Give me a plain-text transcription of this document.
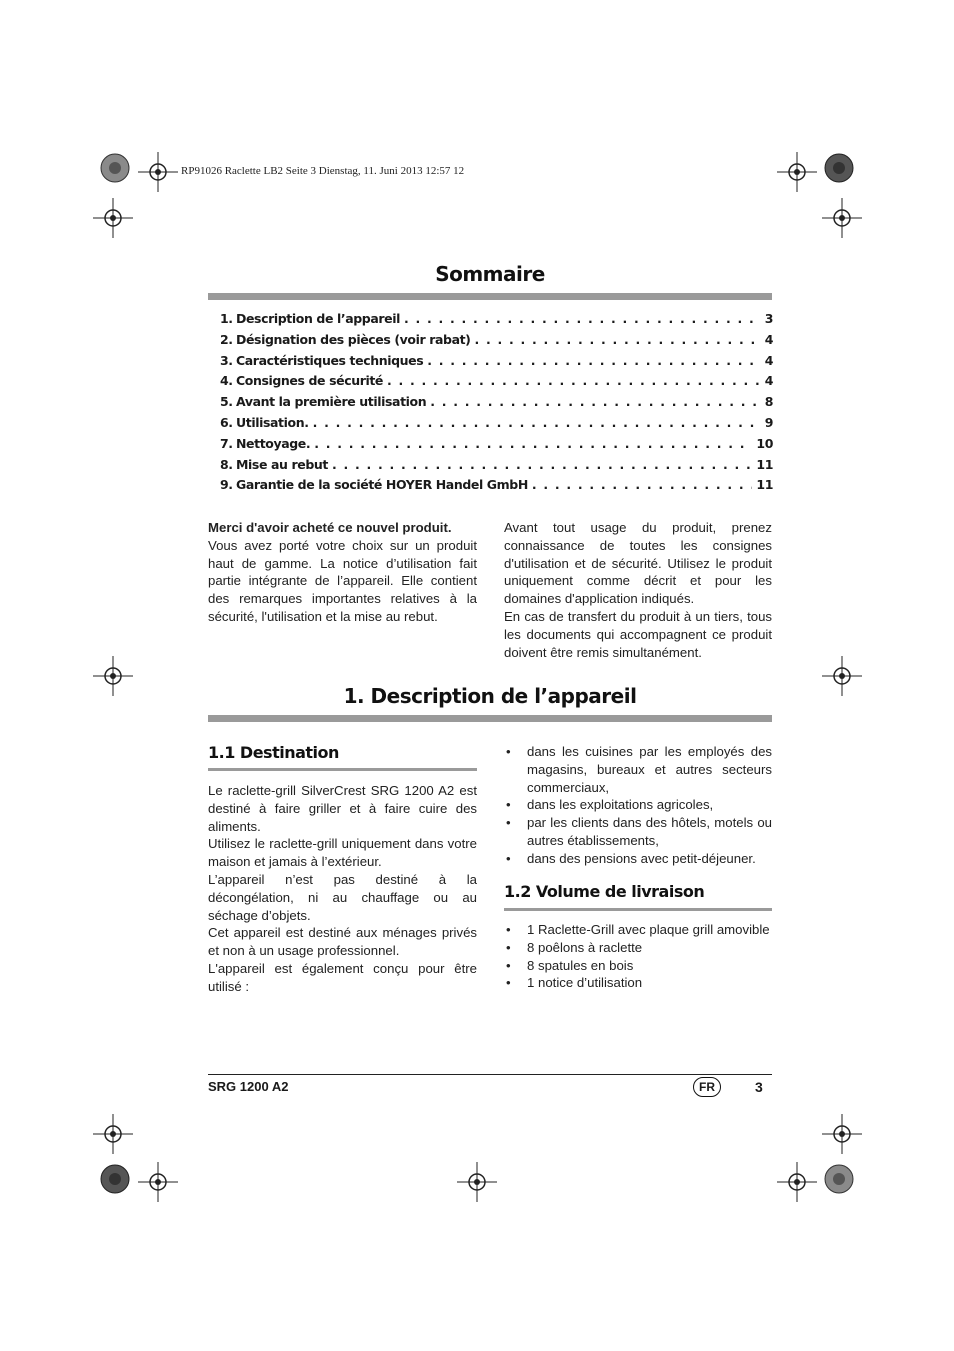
RP91026 Raclette LB2 Seite 3 Dienstag, 11. Juni 2013 12:57 12
Sommaire
1. Description de l’appareil . . .	3
2. Désignation des pièces (voir rabat) . . .	4
3. Caractéristiques techniques . . .	4
4. Consignes de sécurité . . .	4
5. Avant la première utilisation . . .	8
6. Utilisation. . . .	9
7. Nettoyage. . . .	10
8. Mise au rebut . . .	11
9. Garantie de la société HOYER Handel GmbH . . .	11

Merci d'avoir acheté ce nouvel produit.

Vous avez porté votre choix sur un produit haut de gamme. La notice d’utilisation fait partie intégrante de l’appareil. Elle contient des remarques importantes relatives à la sécurité, l'utilisation et la mise au rebut.

Avant tout usage du produit, prenez connaissance de toutes les consignes d'utilisation et de sécurité. Utilisez le produit uniquement comme décrit et pour les domaines d'application indiqués.

En cas de transfert du produit à un tiers, tous les documents qui accompagnent ce produit doivent être remis simultanément.

1. Description de l’appareil
1.1 Destination

Le raclette-grill SilverCrest SRG 1200 A2 est destiné à faire griller et à faire cuire des aliments.

Utilisez le raclette-grill uniquement dans votre maison et jamais à l’extérieur.

L’appareil n’est pas destiné à la décongélation, ni au chauffage ou au séchage d’objets.

Cet appareil est destiné aux ménages privés et non à un usage professionnel.

L'appareil est également conçu pour être utilisé :

• dans les cuisines par les employés des magasins, bureaux et autres secteurs commerciaux,
• dans les exploitations agricoles,
• par les clients dans des hôtels, motels ou autres établissements,
• dans des pensions avec petit-déjeuner.
1.2 Volume de livraison
• 1 Raclette-Grill avec plaque grill amovible
• 8 poêlons à raclette
• 8 spatules en bois
• 1 notice d’utilisation
SRG 1200 A2	FR	3
